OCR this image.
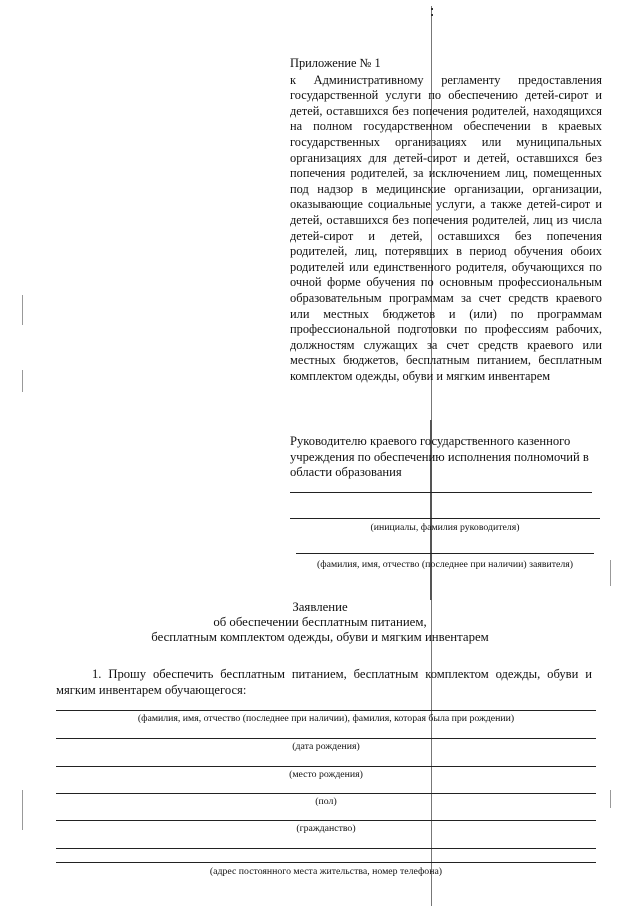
Приложение № 1
к Административному регламенту предоставления государственной услуги по обеспечению детей-сирот и детей, оставшихся без попечения родителей, находящихся на полном государственном обеспечении в краевых государственных организациях или муниципальных организациях для детей-сирот и детей, оставшихся без попечения родителей, за исключением лиц, помещенных под надзор в медицинские организации, организации, оказывающие социальные услуги, а также детей-сирот и детей, оставшихся без попечения родителей, лиц из числа детей-сирот и детей, оставшихся без попечения родителей, лиц, потерявших в период обучения обоих родителей или единственного родителя, обучающихся по очной форме обучения по основным профессиональным образовательным программам за счет средств краевого или местных бюджетов и (или) по программам профессиональной подготовки по профессиям рабочих, должностям служащих за счет средств краевого или местных бюджетов, бесплатным питанием, бесплатным комплектом одежды, обуви и мягким инвентарем
Руководителю краевого государственного казенного учреждения по обеспечению исполнения полномочий в области образования
(инициалы, фамилия руководителя)
(фамилия, имя, отчество (последнее при наличии) заявителя)
Заявление
об обеспечении бесплатным питанием,
бесплатным комплектом одежды, обуви и мягким инвентарем
1. Прошу обеспечить бесплатным питанием, бесплатным комплектом одежды, обуви и мягким инвентарем обучающегося:
(фамилия, имя, отчество (последнее при наличии), фамилия, которая была при рождении)
(дата рождения)
(место рождения)
(пол)
(гражданство)
(адрес постоянного места жительства, номер телефона)
